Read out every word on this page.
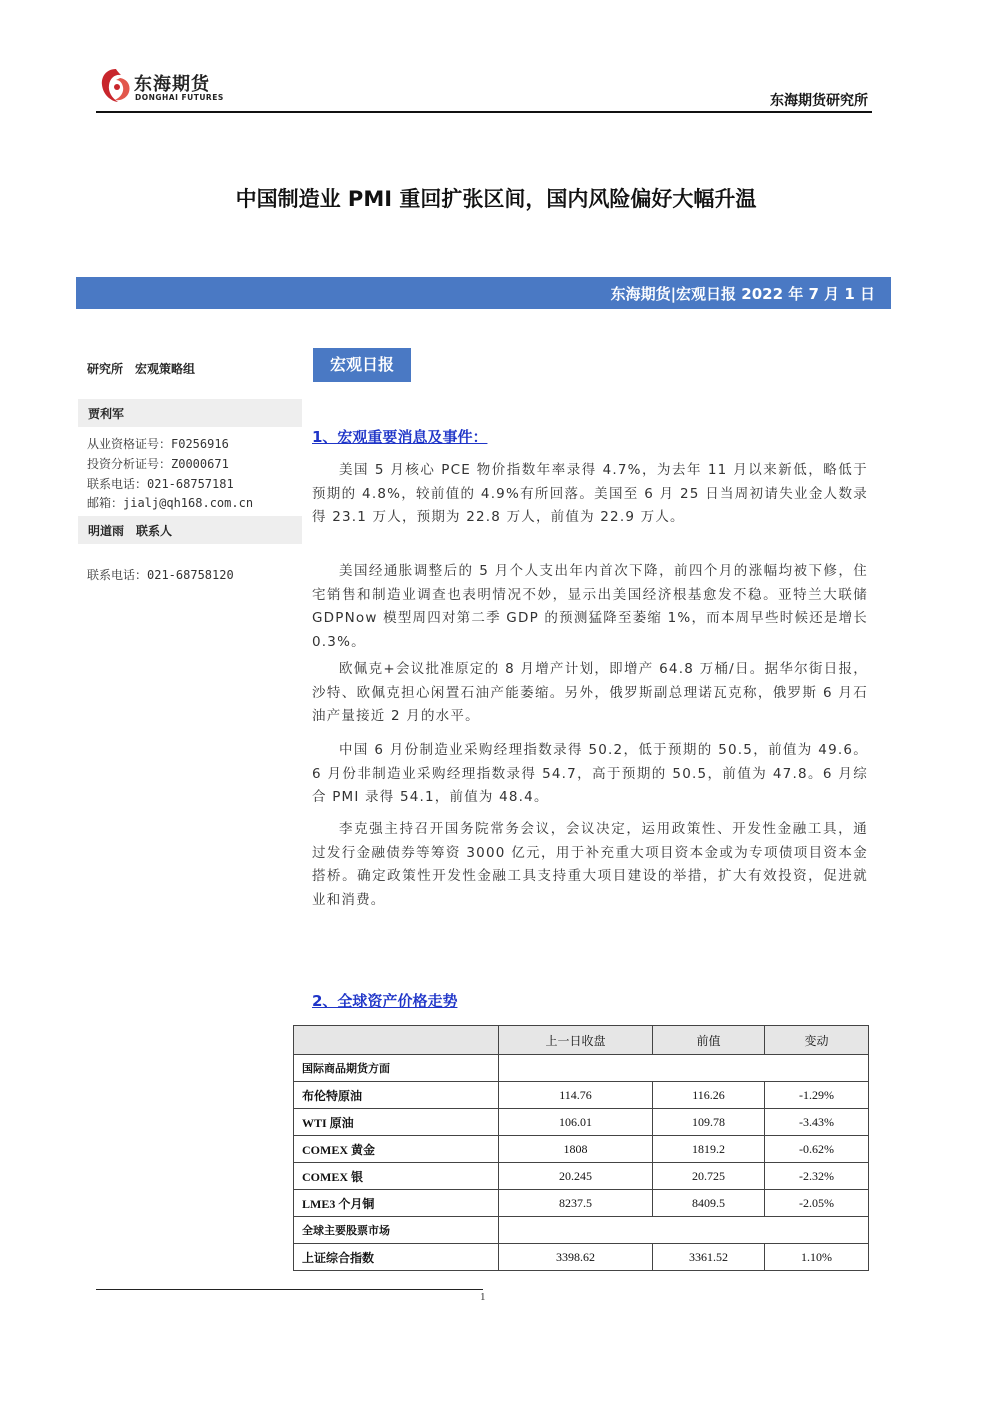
东海期货
DONGHAI FUTURES	东海期货研究所
中国制造业 PMI 重回扩张区间，国内风险偏好大幅升温
东海期货|宏观日报 2022 年 7 月 1 日
研究所　宏观策略组
贾利军
从业资格证号：F0256916
投资分析证号：Z0000671
联系电话：021-68757181
邮箱：jialj@qh168.com.cn
明道雨　联系人
联系电话：021-68758120
宏观日报
1、宏观重要消息及事件：
美国 5 月核心 PCE 物价指数年率录得 4.7%，为去年 11 月以来新低，略低于预期的 4.8%，较前值的 4.9%有所回落。美国至 6 月 25 日当周初请失业金人数录得 23.1 万人，预期为 22.8 万人，前值为 22.9 万人。
美国经通胀调整后的 5 月个人支出年内首次下降，前四个月的涨幅均被下修，住宅销售和制造业调查也表明情况不妙，显示出美国经济根基愈发不稳。亚特兰大联储 GDPNow 模型周四对第二季 GDP 的预测猛降至萎缩 1%，而本周早些时候还是增长 0.3%。
欧佩克+会议批准原定的 8 月增产计划，即增产 64.8 万桶/日。据华尔街日报，沙特、欧佩克担心闲置石油产能萎缩。另外，俄罗斯副总理诺瓦克称，俄罗斯 6 月石油产量接近 2 月的水平。
中国 6 月份制造业采购经理指数录得 50.2，低于预期的 50.5，前值为 49.6。6 月份非制造业采购经理指数录得 54.7，高于预期的 50.5，前值为 47.8。6 月综合 PMI 录得 54.1，前值为 48.4。
李克强主持召开国务院常务会议，会议决定，运用政策性、开发性金融工具，通过发行金融债券等筹资 3000 亿元，用于补充重大项目资本金或为专项债项目资本金搭桥。确定政策性开发性金融工具支持重大项目建设的举措，扩大有效投资，促进就业和消费。
2、全球资产价格走势
	上一日收盘	前值	变动
国际商品期货方面			
布伦特原油	114.76	116.26	-1.29%
WTI 原油	106.01	109.78	-3.43%
COMEX 黄金	1808	1819.2	-0.62%
COMEX 银	20.245	20.725	-2.32%
LME3 个月铜	8237.5	8409.5	-2.05%
全球主要股票市场			
上证综合指数	3398.62	3361.52	1.10%
1
